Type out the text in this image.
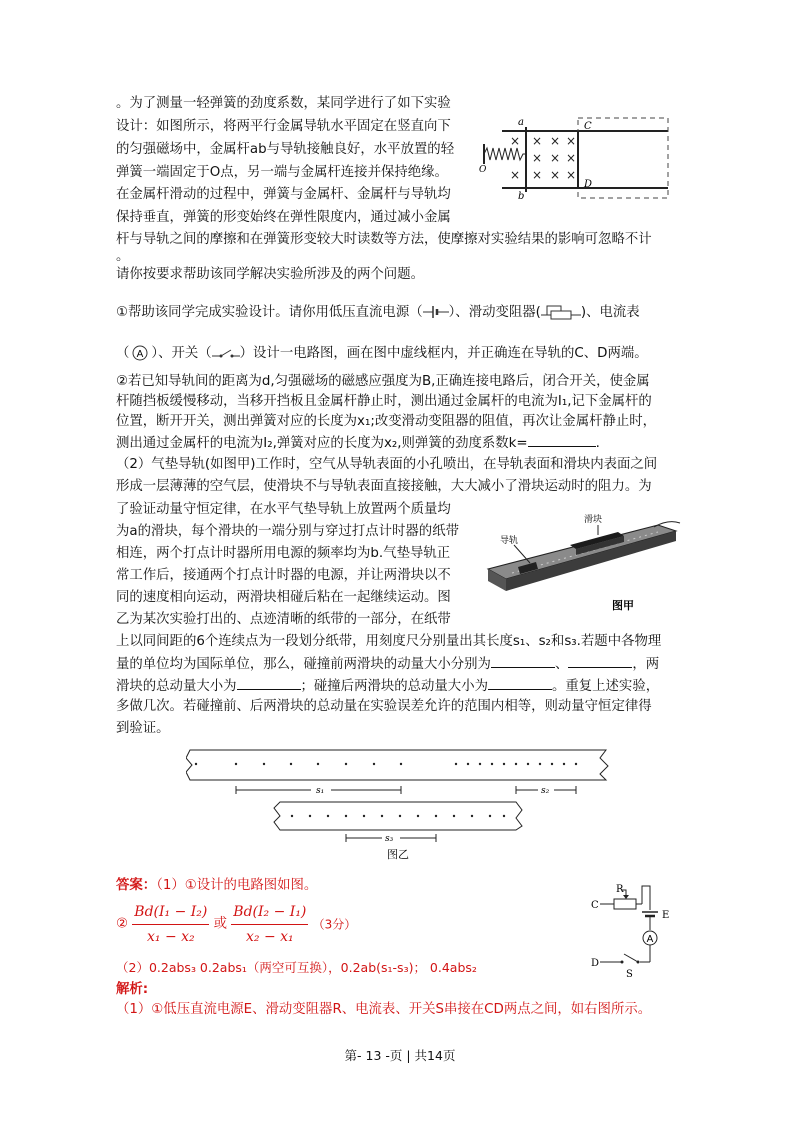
。为了测量一轻弹簧的劲度系数，某同学进行了如下实验
设计：如图所示，将两平行金属导轨水平固定在竖直向下
的匀强磁场中，金属杆ab与导轨接触良好，水平放置的轻
弹簧一端固定于O点，另一端与金属杆连接并保持绝缘。
在金属杆滑动的过程中，弹簧与金属杆、金属杆与导轨均
保持垂直，弹簧的形变始终在弹性限度内，通过减小金属
杆与导轨之间的摩擦和在弹簧形变较大时读数等方法，使摩擦对实验结果的影响可忽略不计
。
请你按要求帮助该同学解决实验所涉及的两个问题。
①帮助该同学完成实验设计。请你用低压直流电源（ ）、滑动变阻器(	)、电流表
（ A ）、开关（ ）设计一电路图，画在图中虚线框内，并正确连在导轨的C、D两端。
②若已知导轨间的距离为d,匀强磁场的磁感应强度为B,正确连接电路后，闭合开关，使金属
杆随挡板缓慢移动，当移开挡板且金属杆静止时，测出通过金属杆的电流为I₁,记下金属杆的
位置，断开开关，测出弹簧对应的长度为x₁;改变滑动变阻器的阻值，再次让金属杆静止时，
测出通过金属杆的电流为I₂,弹簧对应的长度为x₂,则弹簧的劲度系数k=	.
× × × ×
× × ×
× × × ×
a
b
C
D
O
（2）气垫导轨(如图甲)工作时，空气从导轨表面的小孔喷出，在导轨表面和滑块内表面之间
形成一层薄薄的空气层，使滑块不与导轨表面直接接触，大大减小了滑块运动时的阻力。为
了验证动量守恒定律，在水平气垫导轨上放置两个质量均
为a的滑块，每个滑块的一端分别与穿过打点计时器的纸带
相连，两个打点计时器所用电源的频率均为b.气垫导轨正
常工作后，接通两个打点计时器的电源，并让两滑块以不
同的速度相向运动，两滑块相碰后粘在一起继续运动。图
乙为某次实验打出的、点迹清晰的纸带的一部分，在纸带
上以同间距的6个连续点为一段划分纸带，用刻度尺分别量出其长度s₁、s₂和s₃.若题中各物理
量的单位均为国际单位，那么，碰撞前两滑块的动量大小分别为	、	，两
滑块的总动量大小为	；碰撞后两滑块的总动量大小为	。重复上述实验，
多做几次。若碰撞前、后两滑块的总动量在实验误差允许的范围内相等，则动量守恒定律得
到验证。
滑块
导轨
图甲
s₁	s₂
s₃
图乙
答案：（1）①设计的电路图如图。
② $\frac{\text{Bd(I₁ − I₂)}}{\text{x₁ − x₂}}$ 或 $\frac{\text{Bd(I₂ − I₁)}}{\text{x₂ − x₁}} (3$分）
（2）0.2abs₃ 0.2abs₁（两空可互换），0.2ab(s₁-s₃)； 0.4abs₂
解析:
（1）①低压直流电源E、滑动变阻器R、电流表、开关S串接在CD两点之间，如右图所示。
A
C
R
E
D
S
第- 13 -页 | 共14页
